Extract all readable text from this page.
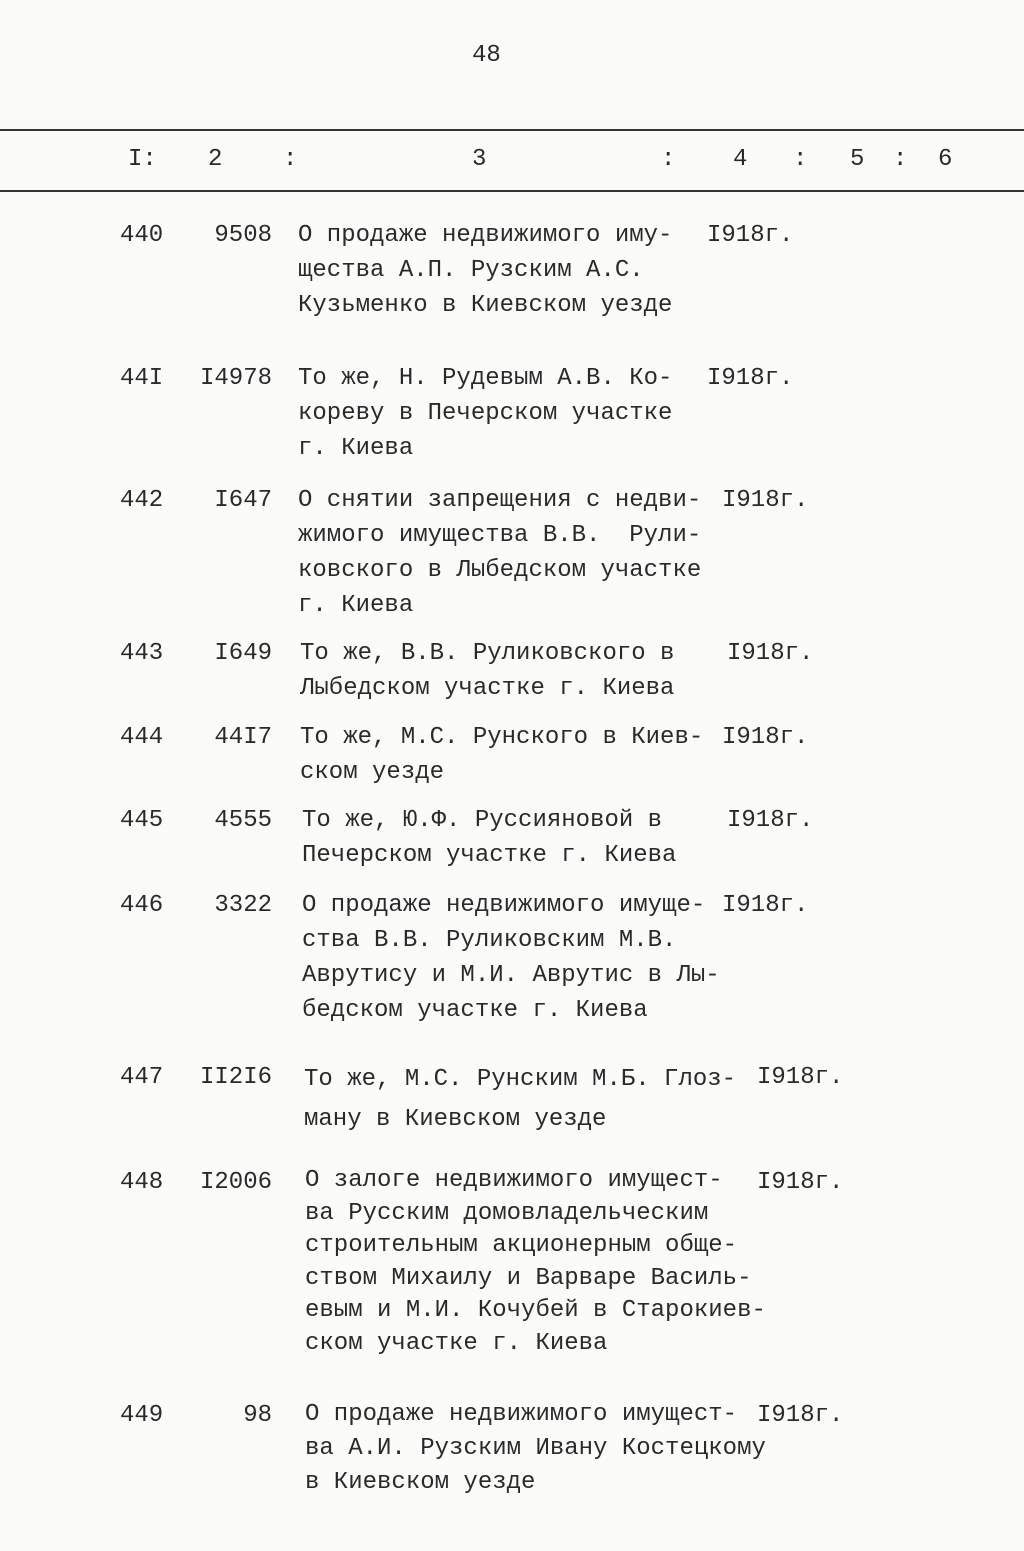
48
I: 2	:	3	: 4 : 5 : 6
440 9508 О продаже недвижимого иму-
щества А.П. Рузским А.С.
Кузьменко в Киевском уезде
I918г.
44I I4978 То же, Н. Рудевым А.В. Ко-
кореву в Печерском участке
г. Киева
I918г.
442 I647 О снятии запрещения с недви-
жимого имущества В.В.  Рули-
ковского в Лыбедском участке
г. Киева
I918г.
443 I649 То же, В.В. Руликовского в
Лыбедском участке г. Киева
I918г.
444 44I7 То же, М.С. Рунского в Киев-
ском уезде
I918г.
445 4555 То же, Ю.Ф. Руссияновой в
Печерском участке г. Киева
I918г.
446 3322 О продаже недвижимого имуще-
ства В.В. Руликовским М.В.
Аврутису и М.И. Аврутис в Лы-
бедском участке г. Киева
I918г.
447 II2I6 То же, М.С. Рунским М.Б. Глоз-
ману в Киевском уезде
I918г.
448 I2006 О залоге недвижимого имущест-
ва Русским домовладельческим
строительным акционерным обще-
ством Михаилу и Варваре Василь-
евым и М.И. Кочубей в Старокиев-
ском участке г. Киева
I918г.
449	98 О продаже недвижимого имущест-
ва А.И. Рузским Ивану Костецкому
в Киевском уезде
I918г.
